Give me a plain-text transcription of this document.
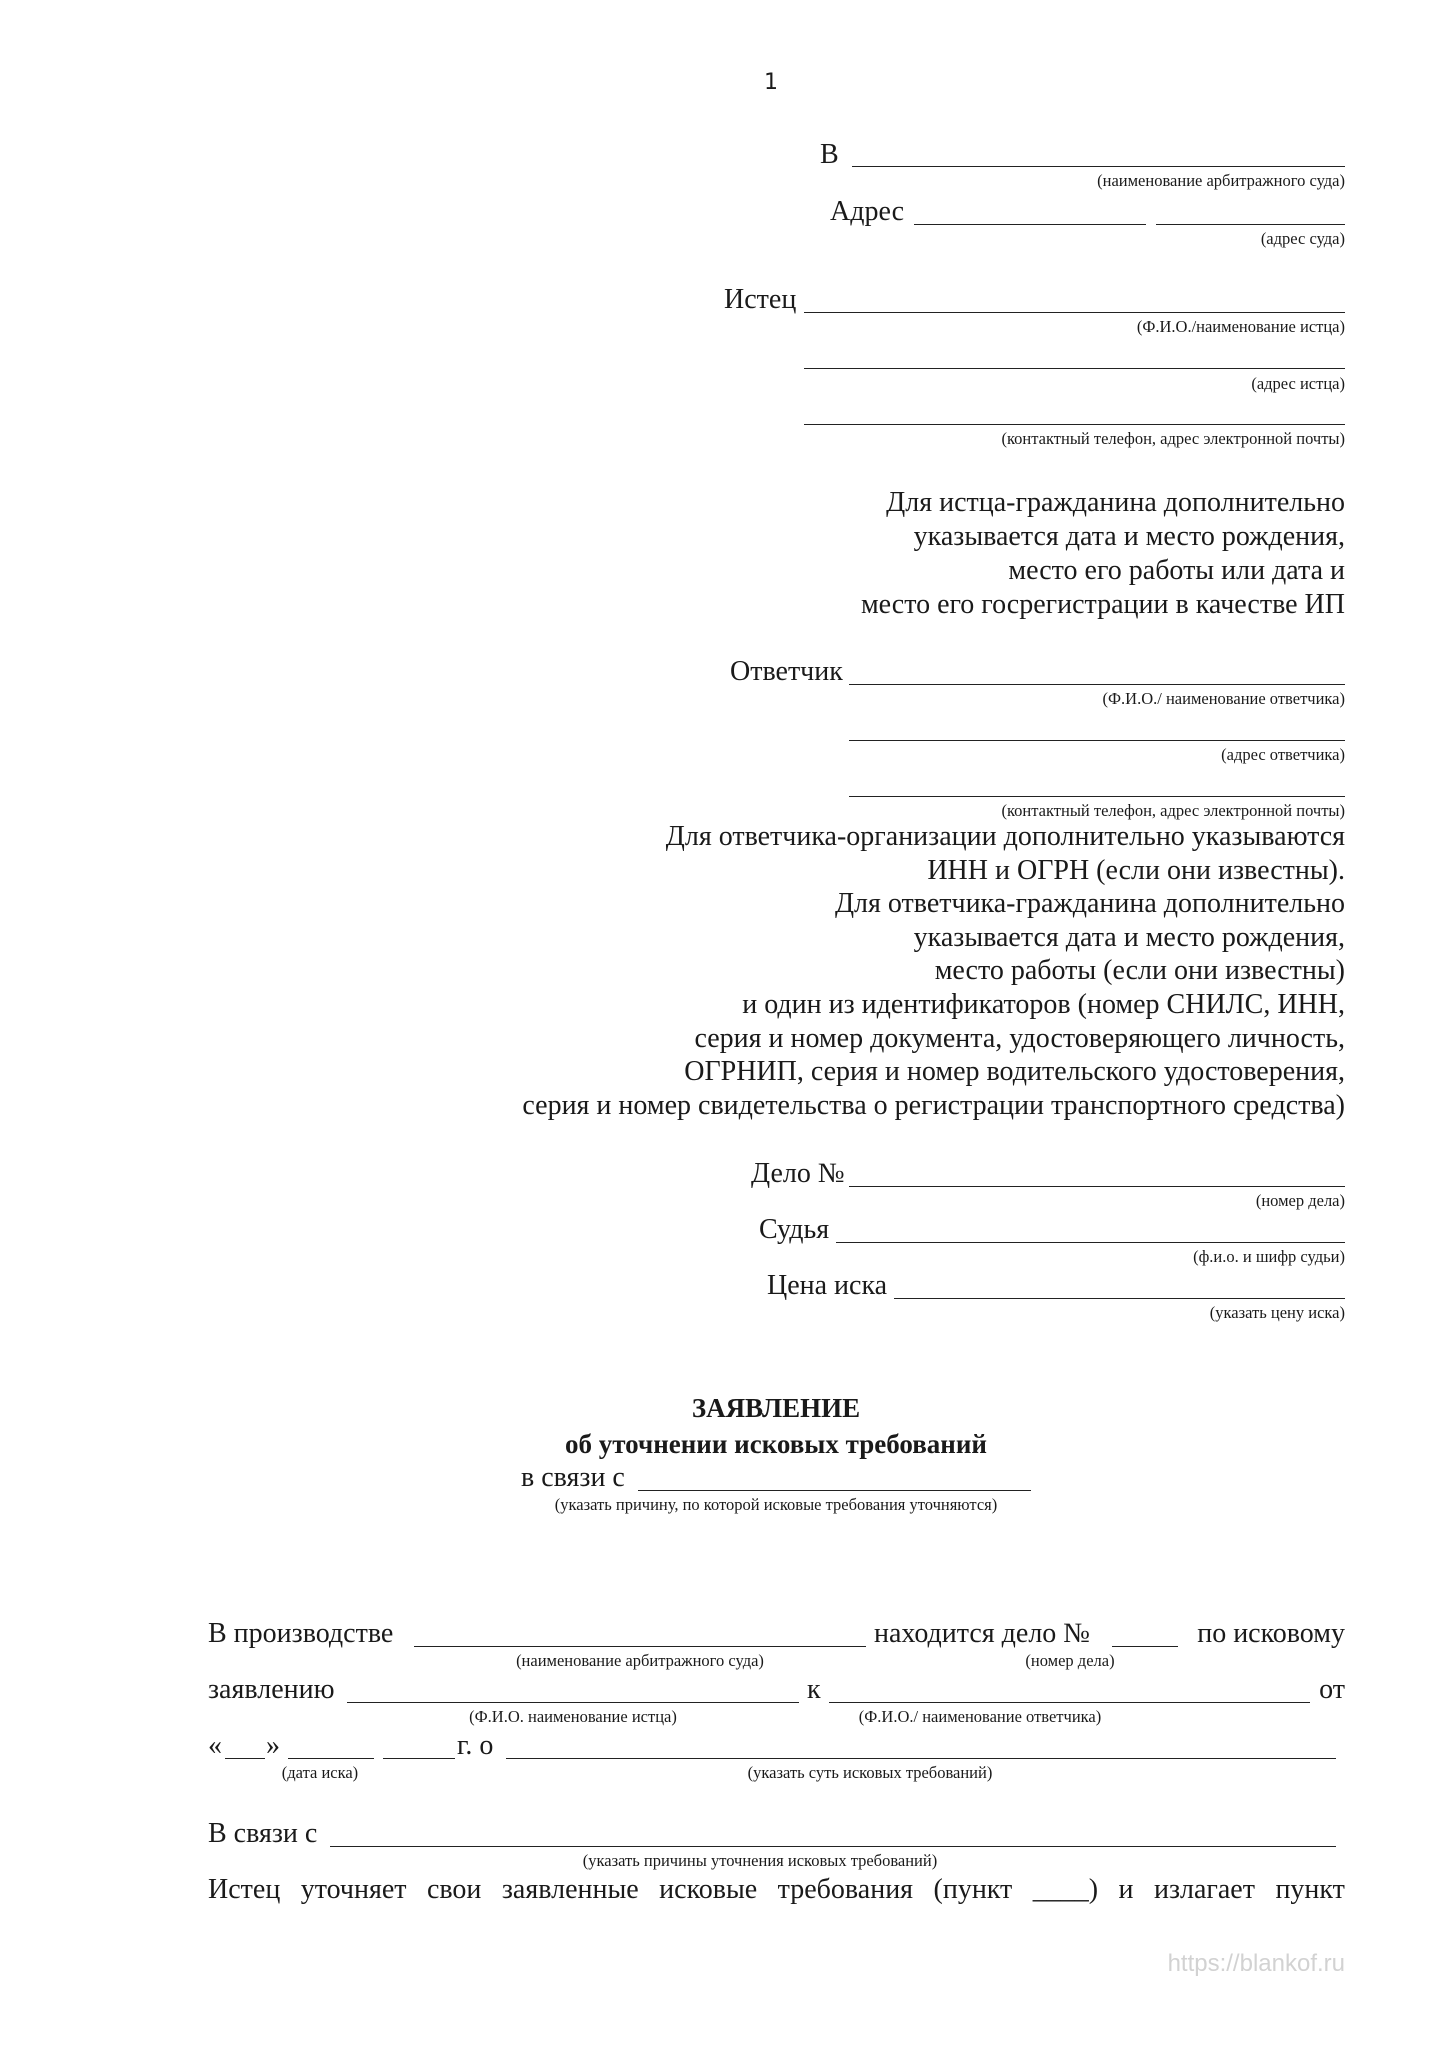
1
В
(наименование арбитражного суда)
Адрес
(адрес суда)
Истец
(Ф.И.О./наименование истца)
(адрес истца)
(контактный телефон, адрес электронной почты)
Для истца-гражданина дополнительно
указывается дата и место рождения,
место его работы или дата и
место его госрегистрации в качестве ИП
Ответчик
(Ф.И.О./ наименование ответчика)
(адрес ответчика)
(контактный телефон, адрес электронной почты)
Для ответчика-организации дополнительно указываются
ИНН и ОГРН (если они известны).
Для ответчика-гражданина дополнительно
указывается дата и место рождения,
место работы (если они известны)
и один из идентификаторов (номер СНИЛС, ИНН,
серия и номер документа, удостоверяющего личность,
ОГРНИП, серия и номер водительского удостоверения,
серия и номер свидетельства о регистрации транспортного средства)
Дело №
(номер дела)
Судья
(ф.и.о. и шифр судьи)
Цена иска
(указать цену иска)
ЗАЯВЛЕНИЕ
об уточнении исковых требований
в связи с
(указать причину, по которой исковые требования уточняются)
В производстве
(наименование арбитражного суда)
находится дело №
(номер дела)
по исковому
заявлению
(Ф.И.О. наименование истца)
к
(Ф.И.О./ наименование ответчика)
от
« »	г. о
(дата иска)	(указать суть исковых требований)
В связи с
(указать причины уточнения исковых требований)
Истец уточняет свои заявленные исковые требования (пункт ____) и излагает пункт
https://blankof.ru
